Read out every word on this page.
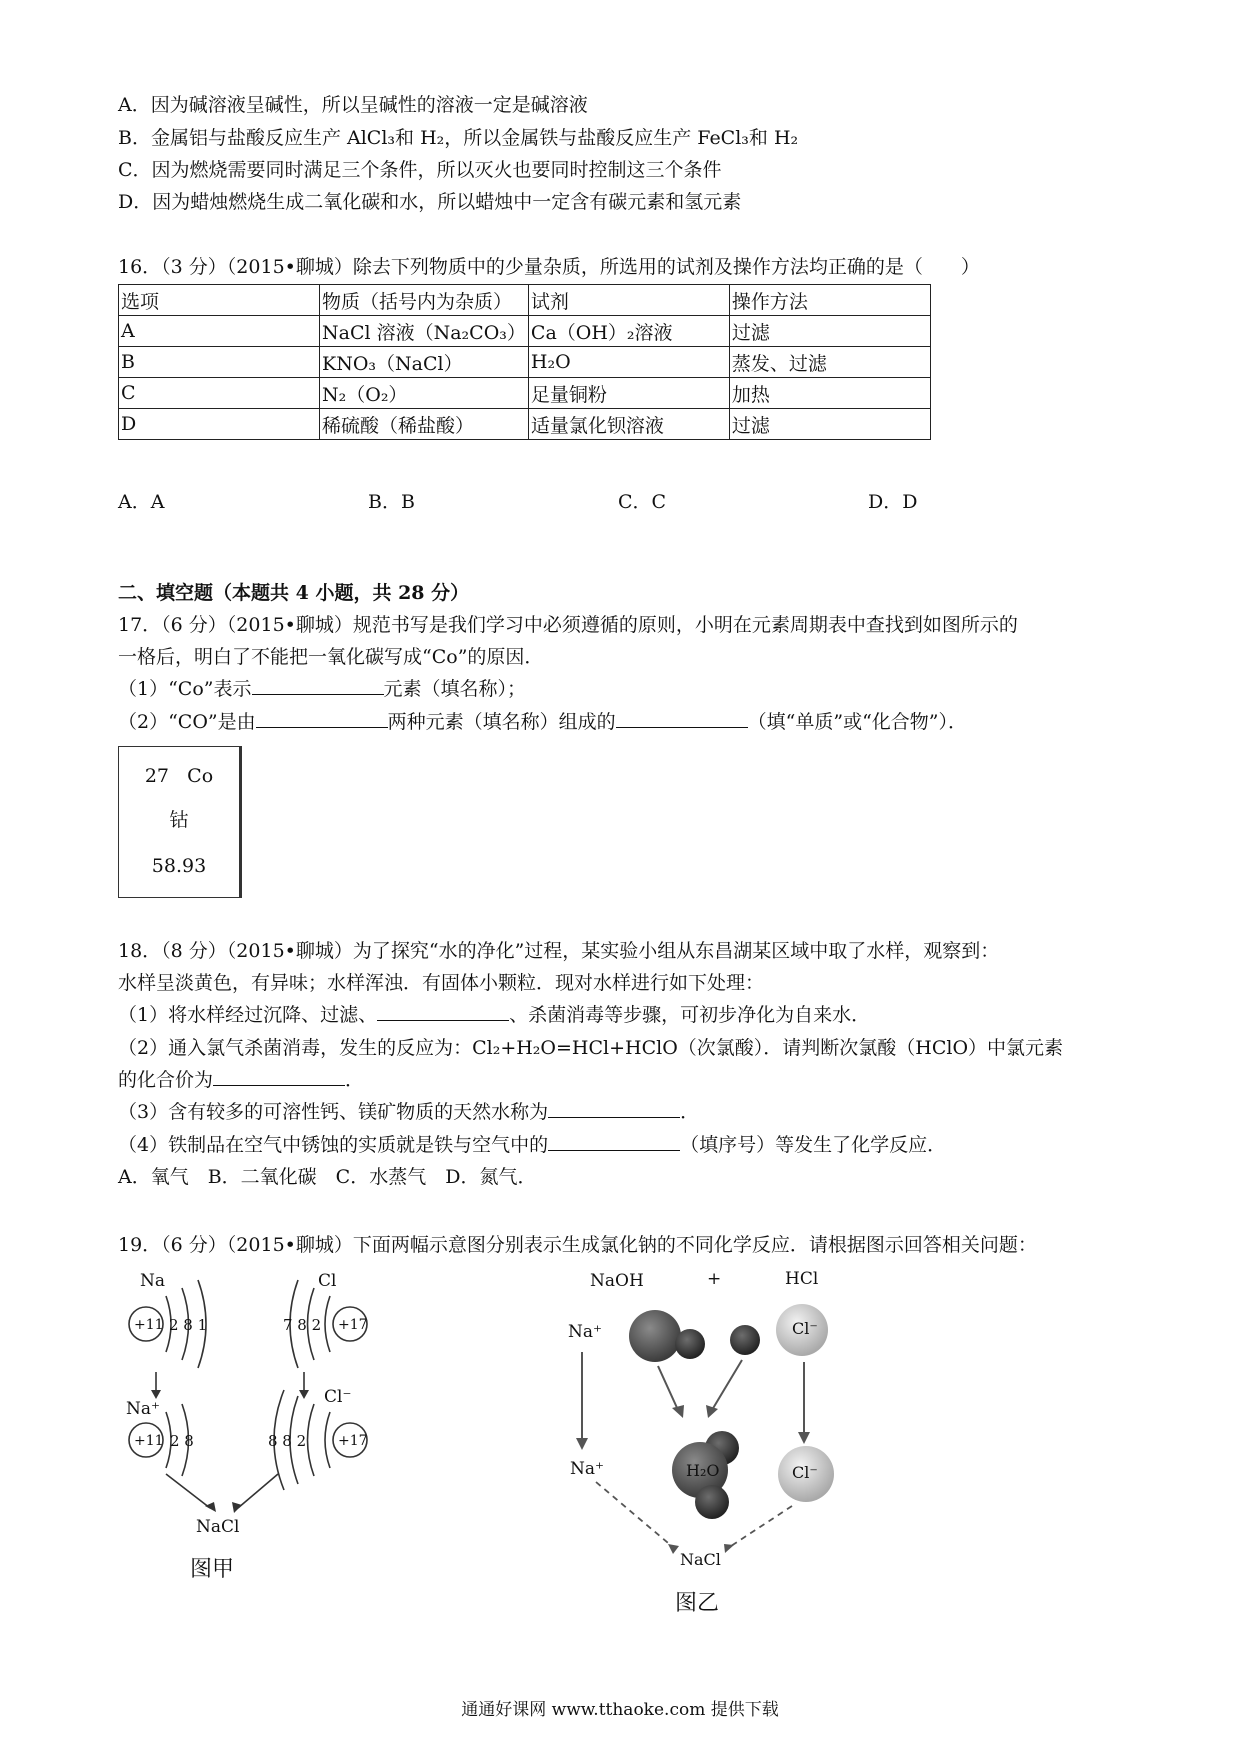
A．因为碱溶液呈碱性，所以呈碱性的溶液一定是碱溶液
B．金属铝与盐酸反应生产 AlCl₃和 H₂，所以金属铁与盐酸反应生产 FeCl₃和 H₂
C．因为燃烧需要同时满足三个条件，所以灭火也要同时控制这三个条件
D．因为蜡烛燃烧生成二氧化碳和水，所以蜡烛中一定含有碳元素和氢元素
16．（3 分）（2015•聊城）除去下列物质中的少量杂质，所选用的试剂及操作方法均正确的是（　　）
选项	物质（括号内为杂质）	试剂	操作方法
A	NaCl 溶液（Na₂CO₃）	Ca（OH）₂溶液	过滤
B	KNO₃（NaCl）	H₂O	蒸发、过滤
C	N₂（O₂）	足量铜粉	加热
D	稀硫酸（稀盐酸）	适量氯化钡溶液	过滤
A．A	B．B	C．C	D．D
二、填空题（本题共 4 小题，共 28 分）
17．（6 分）（2015•聊城）规范书写是我们学习中必须遵循的原则，小明在元素周期表中查找到如图所示的
一格后，明白了不能把一氧化碳写成“Co”的原因．
（1）“Co”表示	元素（填名称）；
（2）“CO”是由	两种元素（填名称）组成的	（填“单质”或“化合物”）．
27 Co
钴
58.93
18．（8 分）（2015•聊城）为了探究“水的净化”过程，某实验小组从东昌湖某区域中取了水样，观察到：
水样呈淡黄色，有异味；水样浑浊．有固体小颗粒．现对水样进行如下处理：
（1）将水样经过沉降、过滤、	、杀菌消毒等步骤，可初步净化为自来水．
（2）通入氯气杀菌消毒，发生的反应为：Cl₂+H₂O=HCl+HClO（次氯酸）．请判断次氯酸（HClO）中氯元素
的化合价为	．
（3）含有较多的可溶性钙、镁矿物质的天然水称为	．
（4）铁制品在空气中锈蚀的实质就是铁与空气中的	（填序号）等发生了化学反应．
A．氧气　B．二氧化碳　C．水蒸气　D．氮气．
19．（6 分）（2015•聊城）下面两幅示意图分别表示生成氯化钠的不同化学反应．请根据图示回答相关问题：
Na	Cl
+11	+17
2 8 1	7 8 2
Na⁺
Cl⁻
+11	+17
2 8	8 8 2
NaCl
图甲
NaOH	+	HCl
Na⁺
Na⁺
Cl⁻
H₂O	Cl⁻
NaCl
图乙
通通好课网 www.tthaoke.com 提供下载
